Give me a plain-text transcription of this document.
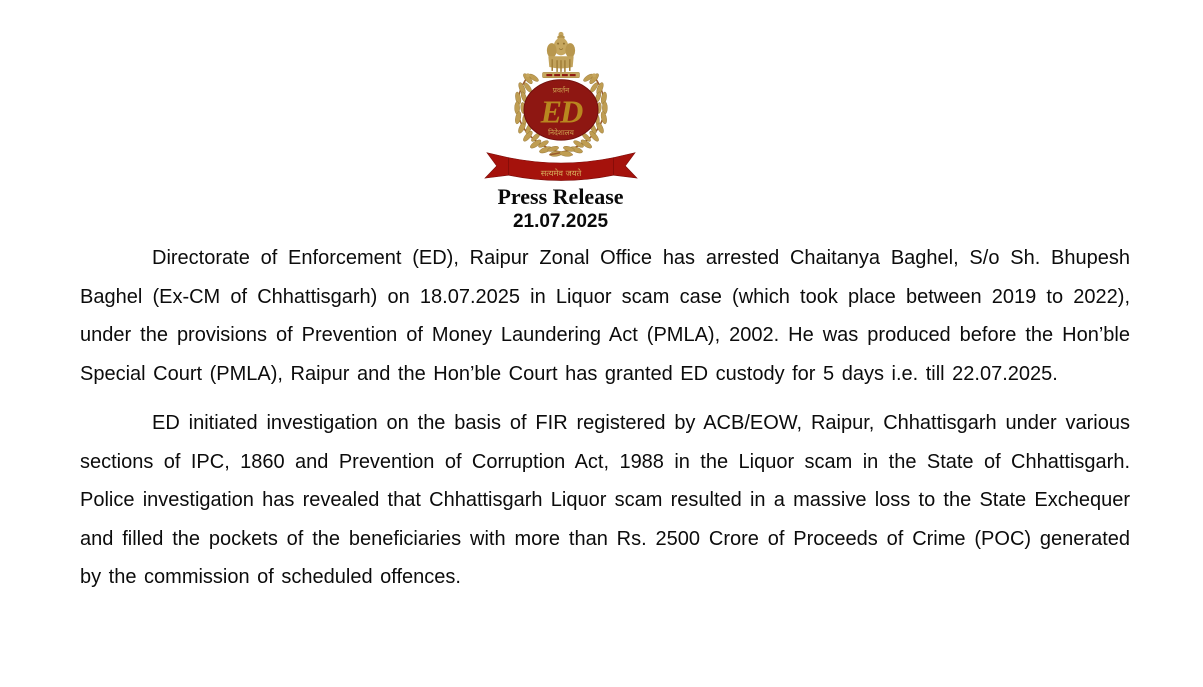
प्रवर्तन
ED
निदेशालय
सत्यमेव जयते
Press Release
21.07.2025

Directorate of Enforcement (ED), Raipur Zonal Office has arrested Chaitanya Baghel, S/o Sh. Bhupesh Baghel (Ex-CM of Chhattisgarh) on 18.07.2025 in Liquor scam case (which took place between 2019 to 2022), under the provisions of Prevention of Money Laundering Act (PMLA), 2002. He was produced before the Hon’ble Special Court (PMLA), Raipur and the Hon’ble Court has granted ED custody for 5 days i.e. till 22.07.2025.

ED initiated investigation on the basis of FIR registered by ACB/EOW, Raipur, Chhattisgarh under various sections of IPC, 1860 and Prevention of Corruption Act, 1988 in the Liquor scam in the State of Chhattisgarh. Police investigation has revealed that Chhattisgarh Liquor scam resulted in a massive loss to the State Exchequer and filled the pockets of the beneficiaries with more than Rs. 2500 Crore of Proceeds of Crime (POC) generated by the commission of scheduled offences.
